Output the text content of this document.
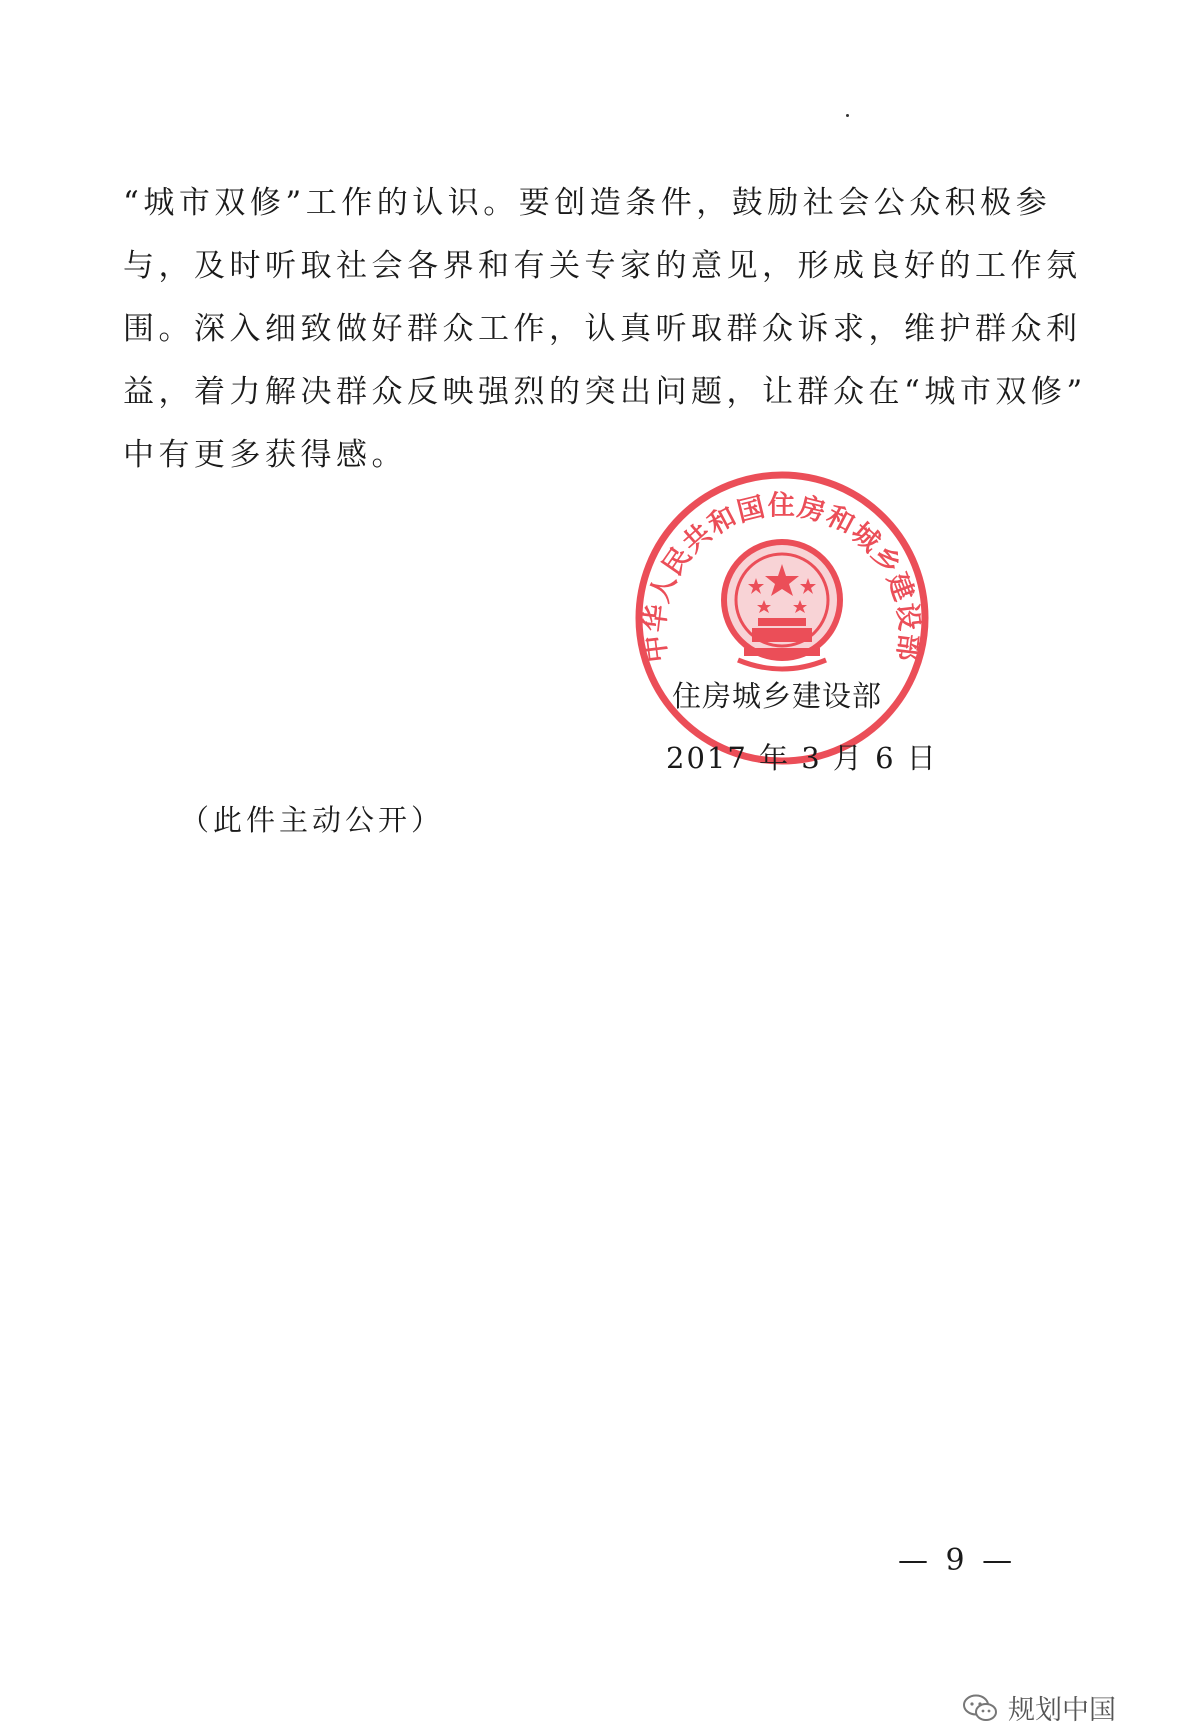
“城市双修”工作的认识。要创造条件，鼓励社会公众积极参
与，及时听取社会各界和有关专家的意见，形成良好的工作氛
围。深入细致做好群众工作，认真听取群众诉求，维护群众利
益，着力解决群众反映强烈的突出问题，让群众在“城市双修”
中有更多获得感。
中华人民共和国住房和城乡建设部
住房城乡建设部
2017 年 3 月 6 日
（此件主动公开）
— 9 —
规划中国
